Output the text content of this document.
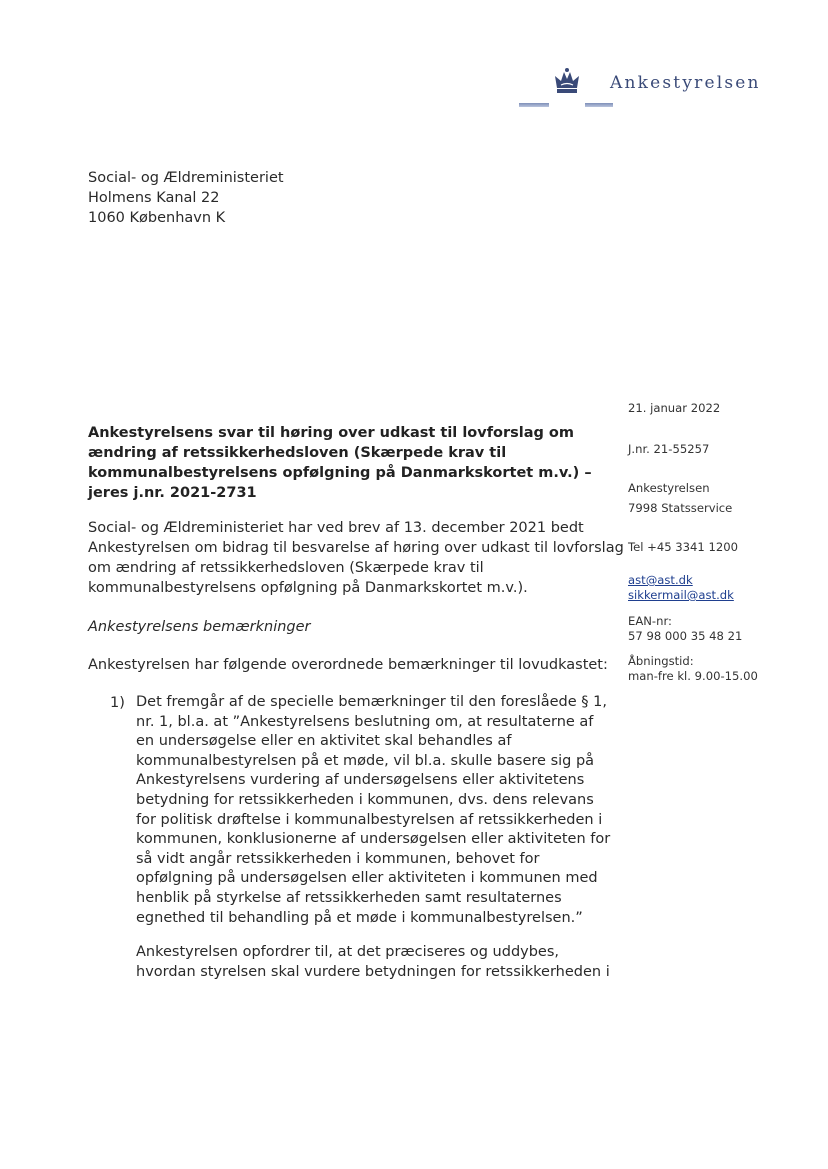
Ankestyrelsen
Social- og Ældreministeriet
Holmens Kanal 22
1060 København K
21. januar 2022
J.nr. 21-55257
Ankestyrelsen
7998 Statsservice
Tel +45 3341 1200
ast@ast.dk
sikkermail@ast.dk
EAN-nr:
57 98 000 35 48 21
Åbningstid:
man-fre kl. 9.00-15.00
Ankestyrelsens svar til høring over udkast til lovforslag om
ændring af retssikkerhedsloven (Skærpede krav til
kommunalbestyrelsens opfølgning på Danmarkskortet m.v.) –
jeres j.nr. 2021-2731
Social- og Ældreministeriet har ved brev af 13. december 2021 bedt
Ankestyrelsen om bidrag til besvarelse af høring over udkast til lovforslag
om ændring af retssikkerhedsloven (Skærpede krav til
kommunalbestyrelsens opfølgning på Danmarkskortet m.v.).
Ankestyrelsens bemærkninger
Ankestyrelsen har følgende overordnede bemærkninger til lovudkastet:
1) Det fremgår af de specielle bemærkninger til den foreslåede § 1,
nr. 1, bl.a. at ”Ankestyrelsens beslutning om, at resultaterne af
en undersøgelse eller en aktivitet skal behandles af
kommunalbestyrelsen på et møde, vil bl.a. skulle basere sig på
Ankestyrelsens vurdering af undersøgelsens eller aktivitetens
betydning for retssikkerheden i kommunen, dvs. dens relevans
for politisk drøftelse i kommunalbestyrelsen af retssikkerheden i
kommunen, konklusionerne af undersøgelsen eller aktiviteten for
så vidt angår retssikkerheden i kommunen, behovet for
opfølgning på undersøgelsen eller aktiviteten i kommunen med
henblik på styrkelse af retssikkerheden samt resultaternes
egnethed til behandling på et møde i kommunalbestyrelsen.”
Ankestyrelsen opfordrer til, at det præciseres og uddybes,
hvordan styrelsen skal vurdere betydningen for retssikkerheden i
